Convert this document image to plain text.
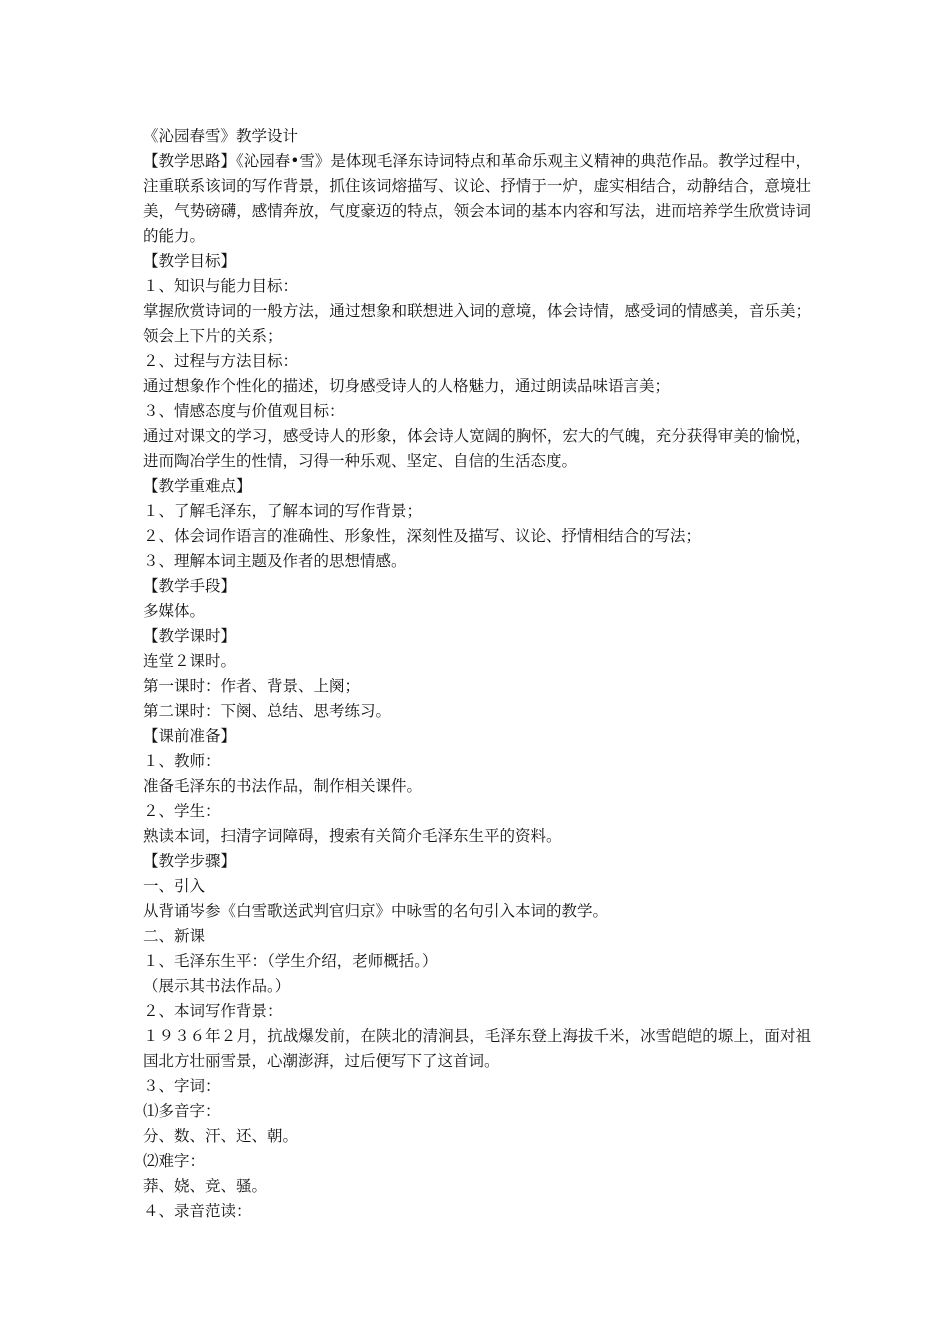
《沁园春雪》教学设计

【教学思路】《沁园春•雪》是体现毛泽东诗词特点和革命乐观主义精神的典范作品。教学过程中，注重联系该词的写作背景，抓住该词熔描写、议论、抒情于一炉，虚实相结合，动静结合，意境壮美，气势磅礴，感情奔放，气度豪迈的特点，领会本词的基本内容和写法，进而培养学生欣赏诗词的能力。

【教学目标】

１、知识与能力目标：

掌握欣赏诗词的一般方法，通过想象和联想进入词的意境，体会诗情，感受词的情感美，音乐美；领会上下片的关系；

２、过程与方法目标：

通过想象作个性化的描述，切身感受诗人的人格魅力，通过朗读品味语言美；

３、情感态度与价值观目标：

通过对课文的学习，感受诗人的形象，体会诗人宽阔的胸怀，宏大的气魄，充分获得审美的愉悦，进而陶冶学生的性情，习得一种乐观、坚定、自信的生活态度。

【教学重难点】

１、了解毛泽东，了解本词的写作背景；

２、体会词作语言的准确性、形象性，深刻性及描写、议论、抒情相结合的写法；

３、理解本词主题及作者的思想情感。

【教学手段】

多媒体。

【教学课时】

连堂２课时。

第一课时：作者、背景、上阕；

第二课时：下阕、总结、思考练习。

【课前准备】

１、教师：

准备毛泽东的书法作品，制作相关课件。

２、学生：

熟读本词，扫清字词障碍，搜索有关简介毛泽东生平的资料。

【教学步骤】

一、引入

从背诵岑参《白雪歌送武判官归京》中咏雪的名句引入本词的教学。

二、新课

１、毛泽东生平：（学生介绍，老师概括。）

（展示其书法作品。）

２、本词写作背景：

１９３６年２月，抗战爆发前，在陕北的清涧县，毛泽东登上海拔千米，冰雪皑皑的塬上，面对祖国北方壮丽雪景，心潮澎湃，过后便写下了这首词。

３、字词：

⑴多音字：

分、数、汗、还、朝。

⑵难字：

莽、娆、竞、骚。

４、录音范读：
